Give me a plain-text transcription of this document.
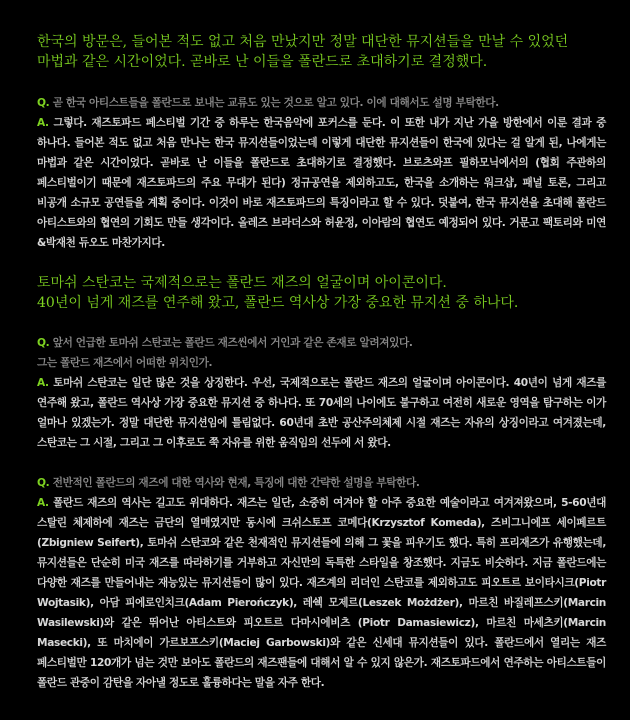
한국의 방문은, 들어본 적도 없고 처음 만났지만 정말 대단한 뮤지션들을 만날 수 있었던

마법과 같은 시간이었다. 곧바로 난 이들을 폴란드로 초대하기로 결정했다.

Q. 곧 한국 아티스트들을 폴란드로 보내는 교류도 있는 것으로 알고 있다. 이에 대해서도 설명 부탁한다.

A. 그렇다. 재즈토파드 페스티벌 기간 중 하루는 한국음악에 포커스를 둔다. 이 또한 내가 지난 가을 방한에서 이룬 결과 중 하나다. 들어본 적도 없고 처음 만나는 한국 뮤지션들이었는데 이렇게 대단한 뮤지션들이 한국에 있다는 걸 알게 된, 나에게는 마법과 같은 시간이었다. 곧바로 난 이들을 폴란드로 초대하기로 결정했다. 브로츠와프 필하모닉에서의 (협회 주관하의 페스티벌이기 때문에 재즈토파드의 주요 무대가 된다) 정규공연을 제외하고도, 한국을 소개하는 워크샵, 패널 토론, 그리고 비공개 소규모 공연들을 계획 중이다. 이것이 바로 재즈토파드의 특징이라고 할 수 있다. 덧붙여, 한국 뮤지션을 초대해 폴란드 아티스트와의 협연의 기회도 만들 생각이다. 올레즈 브라더스와 허윤정, 이아람의 협연도 예정되어 있다. 거문고 팩토리와 미연&박재천 듀오도 마찬가지다.

토마쉬 스탄코는 국제적으로는 폴란드 재즈의 얼굴이며 아이콘이다.

40년이 넘게 재즈를 연주해 왔고, 폴란드 역사상 가장 중요한 뮤지션 중 하나다.

Q. 앞서 언급한 토마쉬 스탄코는 폴란드 재즈씬에서 거인과 같은 존재로 알려져있다.

그는 폴란드 재즈에서 어떠한 위치인가.

A. 토마쉬 스탄코는 일단 많은 것을 상징한다. 우선, 국제적으로는 폴란드 재즈의 얼굴이며 아이콘이다. 40년이 넘게 재즈를 연주해 왔고, 폴란드 역사상 가장 중요한 뮤지션 중 하나다. 또 70세의 나이에도 불구하고 여전히 새로운 영역을 탐구하는 이가 얼마나 있겠는가. 정말 대단한 뮤지션임에 틀림없다. 60년대 초반 공산주의체제 시절 재즈는 자유의 상징이라고 여겨졌는데, 스탄코는 그 시절, 그리고 그 이후로도 쭉 자유를 위한 움직임의 선두에 서 왔다.

Q. 전반적인 폴란드의 재즈에 대한 역사와 현재, 특징에 대한 간략한 설명을 부탁한다.

A. 폴란드 재즈의 역사는 길고도 위대하다. 재즈는 일단, 소중히 여겨야 할 아주 중요한 예술이라고 여겨져왔으며, 5-60년대 스탈린 체제하에 재즈는 금단의 열매였지만 동시에 크쉬스토프 코메다(Krzysztof Komeda), 즈비그니에프 세이페르트(Zbigniew Seifert), 토마쉬 스탄코와 같은 천재적인 뮤지션들에 의해 그 꽃을 피우기도 했다. 특히 프리재즈가 유행했는데, 뮤지션들은 단순히 미국 재즈를 따라하기를 거부하고 자신만의 독특한 스타일을 창조했다. 지금도 비슷하다. 지금 폴란드에는 다양한 재즈를 만들어내는 재능있는 뮤지션들이 많이 있다. 재즈계의 리더인 스탄코를 제외하고도 피오트르 보이타시크(Piotr Wojtasik), 아담 피에로인치크(Adam Pierończyk), 레쉑 모제르(Leszek Możdżer), 마르친 바질레프스키(Marcin Wasilewski)와 같은 뛰어난 아티스트와 피오트르 다마시에비츠 (Piotr Damasiewicz), 마르친 마세츠키(Marcin Masecki), 또 마치에이 가르보프스키(Maciej Garbowski)와 같은 신세대 뮤지션들이 있다. 폴란드에서 열리는 재즈 페스티벌만 120개가 넘는 것만 보아도 폴란드의 재즈팬들에 대해서 알 수 있지 않은가. 재즈토파드에서 연주하는 아티스트들이 폴란드 관중이 감탄을 자아낼 정도로 훌륭하다는 말을 자주 한다.
